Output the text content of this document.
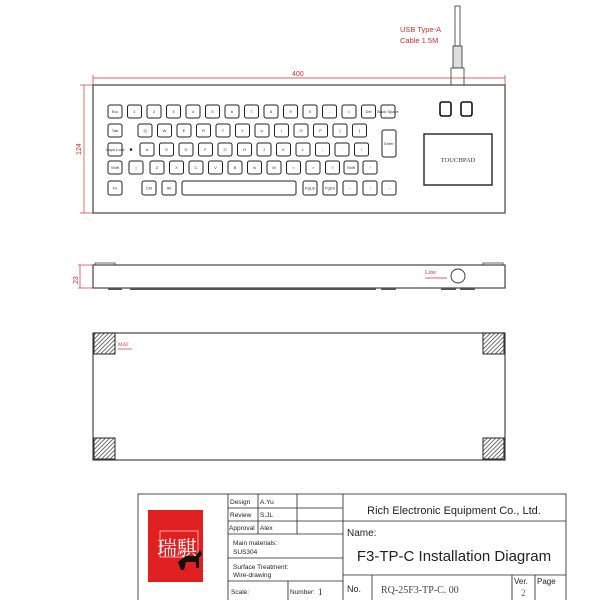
USB Type-A
Cable 1.5M
400
124
Esc	1	2	3	4	5	6	7	8	9	0	-	=	Del Back Space
Tab	Q	W	E	R	T	Y	U	I	O	P	[	]
Enter
Caps Lock	A	S	D	F	G	H	J	K	L	;	'	\
Shift	|	Z	X	C	V	B	N	M	<	>	?	Shift	↑
Fn	Ctrl	Alt	PgUp PgDn	←	↓	→
TOUCHPAD
Line
23
MAT
瑞騏
Design A.Yu
Review S.JL
Approval Alex
Main materials:
SUS304
Surface Treatment:
Wire-drawing
Scale:	Number: 1
Rich Electronic Equipment Co., Ltd.
Name:
F3-TP-C Installation Diagram
No. RQ-25F3-TP-C. 00
Ver.
2
Page
